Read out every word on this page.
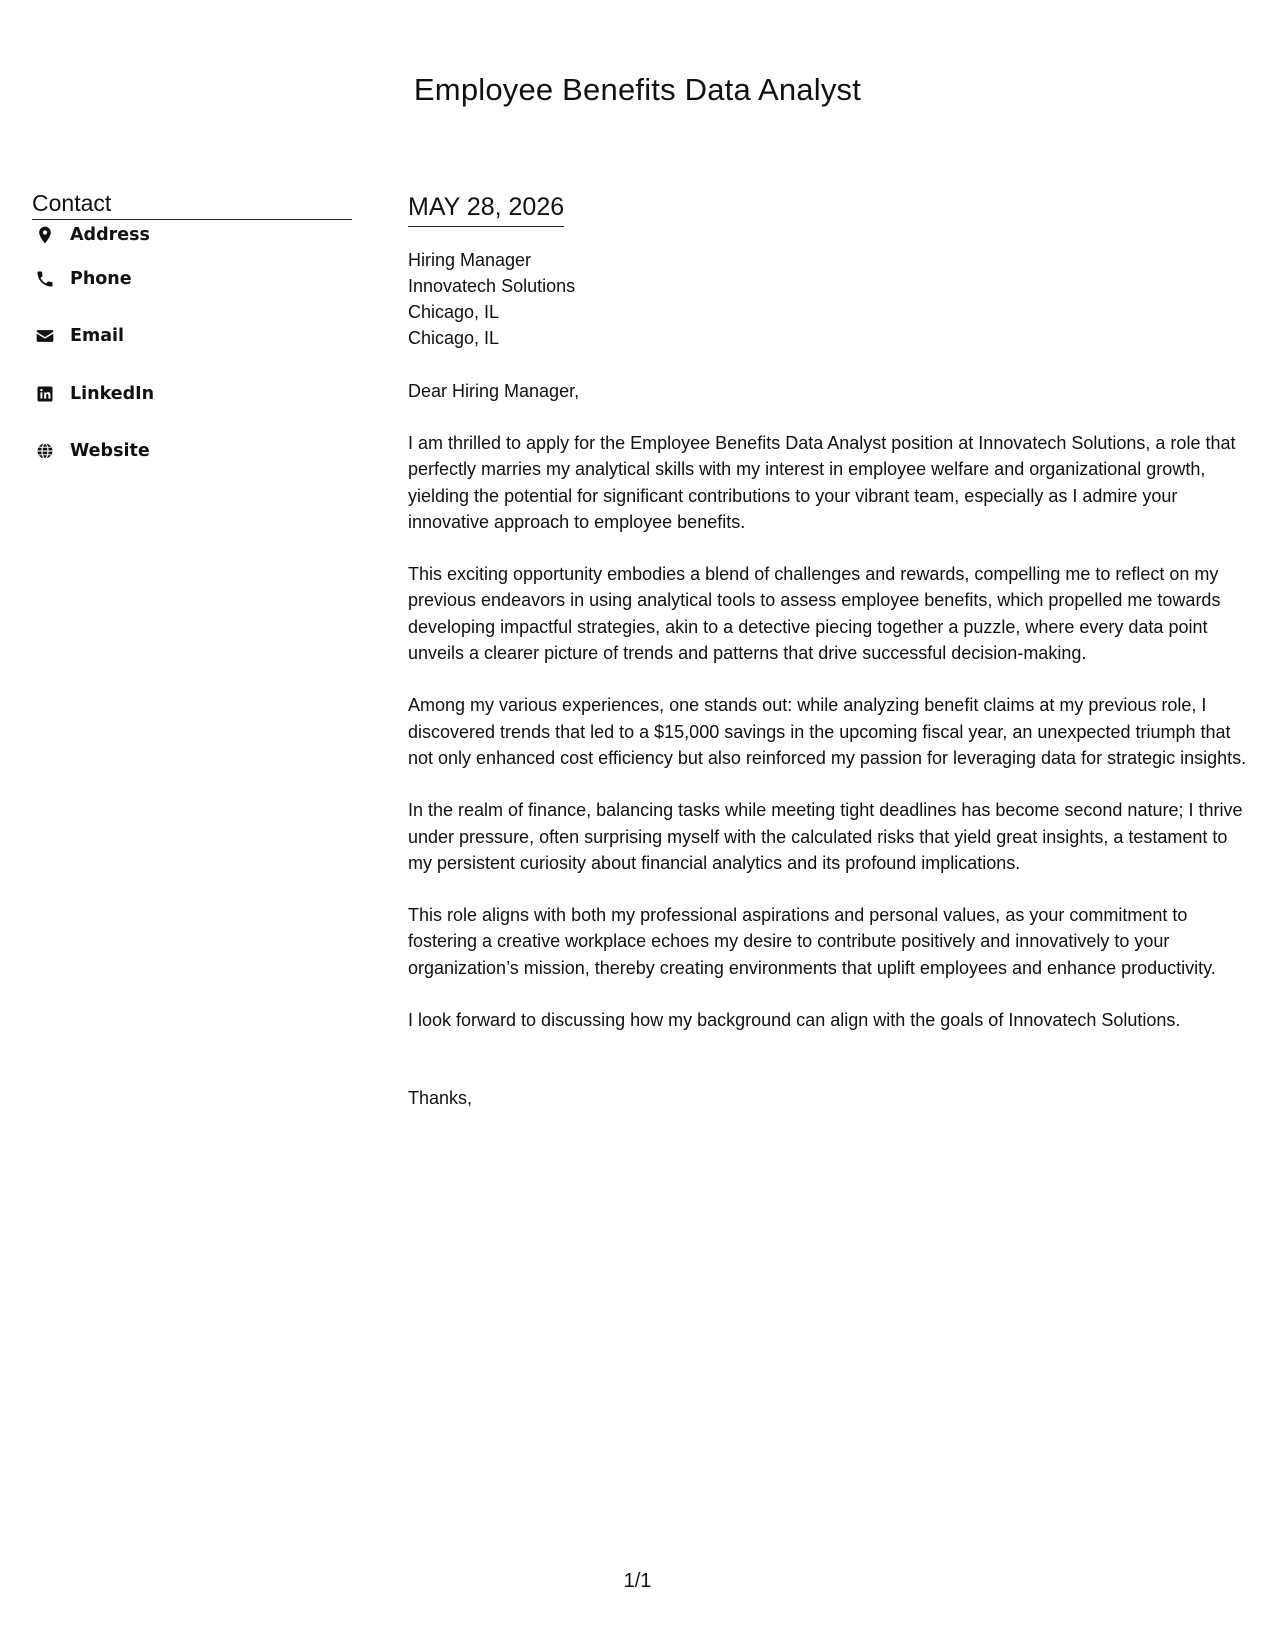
Employee Benefits Data Analyst
Contact
Address
Phone
Email
LinkedIn
Website
MAY 28, 2026
Hiring Manager
Innovatech Solutions
Chicago, IL
Chicago, IL
Dear Hiring Manager,

I am thrilled to apply for the Employee Benefits Data Analyst position at Innovatech Solutions, a role that perfectly marries my analytical skills with my interest in employee welfare and organizational growth, yielding the potential for significant contributions to your vibrant team, especially as I admire your innovative approach to employee benefits.

This exciting opportunity embodies a blend of challenges and rewards, compelling me to reflect on my previous endeavors in using analytical tools to assess employee benefits, which propelled me towards developing impactful strategies, akin to a detective piecing together a puzzle, where every data point unveils a clearer picture of trends and patterns that drive successful decision-making.

Among my various experiences, one stands out: while analyzing benefit claims at my previous role, I discovered trends that led to a $15,000 savings in the upcoming fiscal year, an unexpected triumph that not only enhanced cost efficiency but also reinforced my passion for leveraging data for strategic insights.

In the realm of finance, balancing tasks while meeting tight deadlines has become second nature; I thrive under pressure, often surprising myself with the calculated risks that yield great insights, a testament to my persistent curiosity about financial analytics and its profound implications.

This role aligns with both my professional aspirations and personal values, as your commitment to fostering a creative workplace echoes my desire to contribute positively and innovatively to your organization’s mission, thereby creating environments that uplift employees and enhance productivity.

I look forward to discussing how my background can align with the goals of Innovatech Solutions.

Thanks,
1/1
